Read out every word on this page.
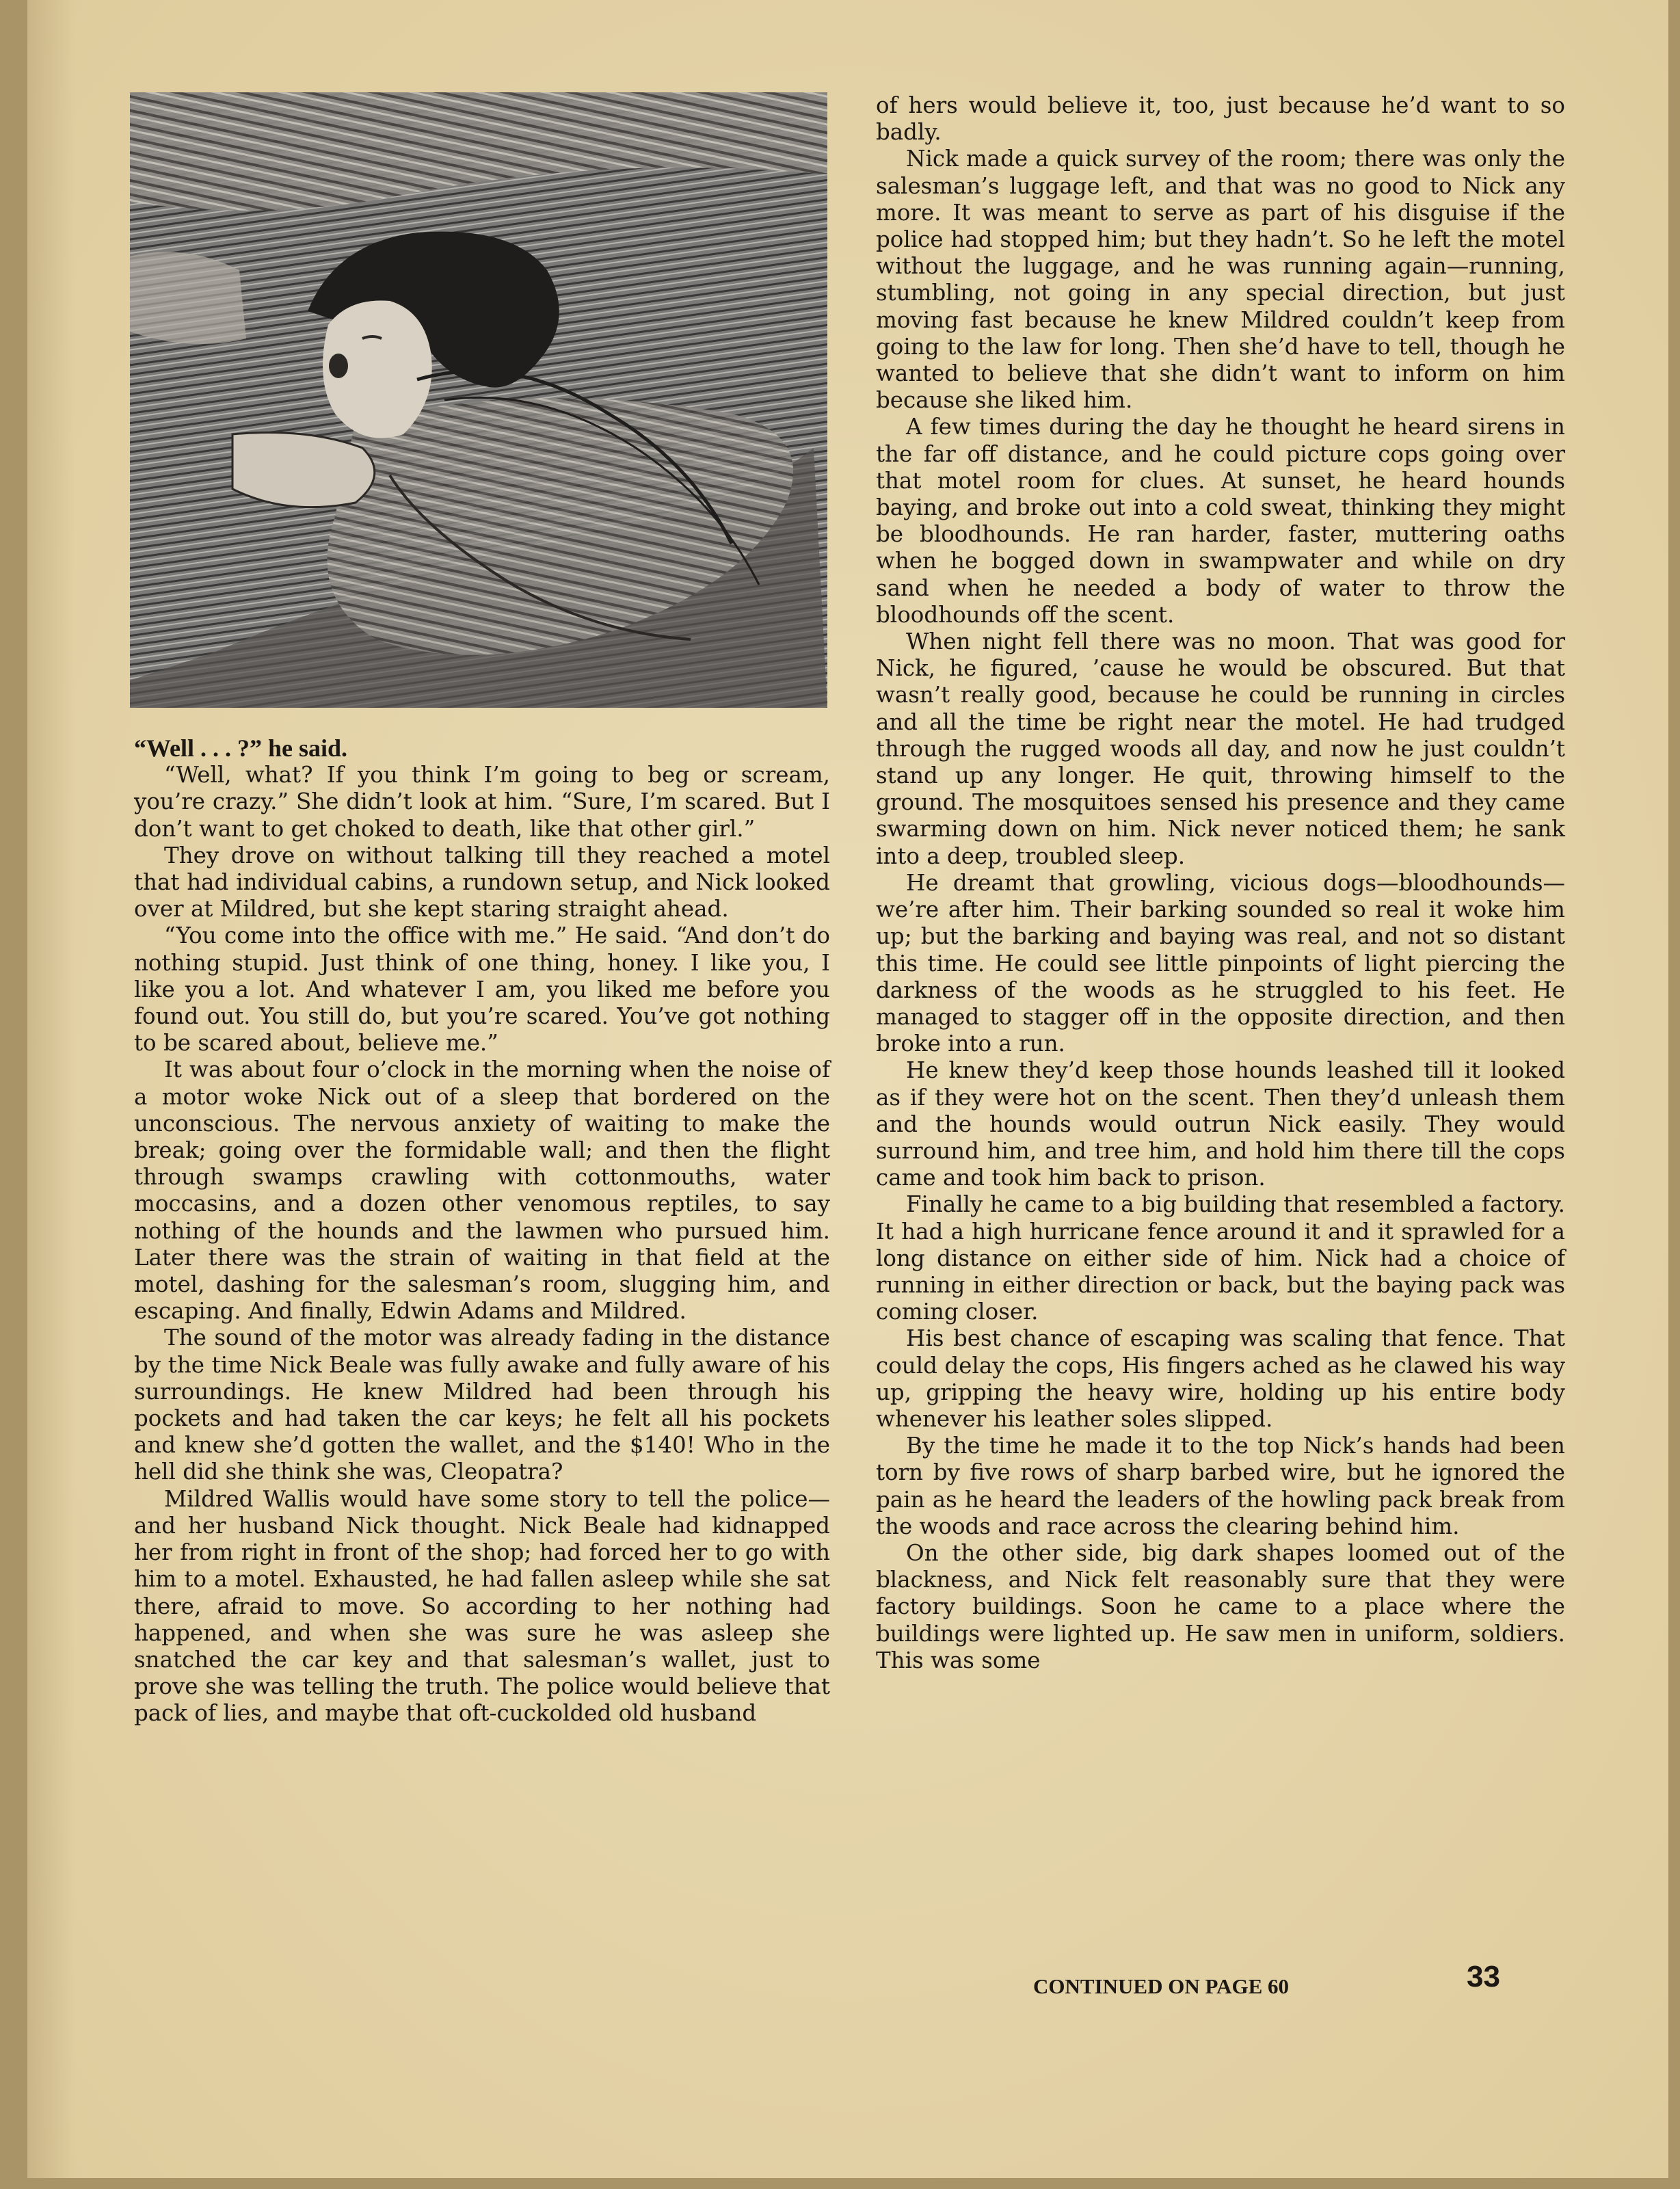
“Well . . . ?” he said.

“Well, what? If you think I’m going to beg or scream, you’re crazy.” She didn’t look at him. “Sure, I’m scared. But I don’t want to get choked to death, like that other girl.”

They drove on without talking till they reached a motel that had individual cabins, a rundown setup, and Nick looked over at Mildred, but she kept staring straight ahead.

“You come into the office with me.” He said. “And don’t do nothing stupid. Just think of one thing, honey. I like you, I like you a lot. And whatever I am, you liked me before you found out. You still do, but you’re scared. You’ve got nothing to be scared about, believe me.”

It was about four o’clock in the morning when the noise of a motor woke Nick out of a sleep that bordered on the unconscious. The nervous anxiety of waiting to make the break; going over the formidable wall; and then the flight through swamps crawling with cottonmouths, water moccasins, and a dozen other venomous reptiles, to say nothing of the hounds and the lawmen who pursued him. Later there was the strain of waiting in that field at the motel, dashing for the salesman’s room, slugging him, and escaping. And finally, Edwin Adams and Mildred.

The sound of the motor was already fading in the distance by the time Nick Beale was fully awake and fully aware of his surroundings. He knew Mildred had been through his pockets and had taken the car keys; he felt all his pockets and knew she’d gotten the wallet, and the $140! Who in the hell did she think she was, Cleopatra?

Mildred Wallis would have some story to tell the police—and her husband Nick thought. Nick Beale had kidnapped her from right in front of the shop; had forced her to go with him to a motel. Exhausted, he had fallen asleep while she sat there, afraid to move. So according to her nothing had happened, and when she was sure he was asleep she snatched the car key and that salesman’s wallet, just to prove she was telling the truth. The police would believe that pack of lies, and maybe that oft-cuckolded old husband

of hers would believe it, too, just because he’d want to so badly.

Nick made a quick survey of the room; there was only the salesman’s luggage left, and that was no good to Nick any more. It was meant to serve as part of his disguise if the police had stopped him; but they hadn’t. So he left the motel without the luggage, and he was running again—running, stumbling, not going in any special direction, but just moving fast because he knew Mildred couldn’t keep from going to the law for long. Then she’d have to tell, though he wanted to believe that she didn’t want to inform on him because she liked him.

A few times during the day he thought he heard sirens in the far off distance, and he could picture cops going over that motel room for clues. At sunset, he heard hounds baying, and broke out into a cold sweat, thinking they might be bloodhounds. He ran harder, faster, muttering oaths when he bogged down in swampwater and while on dry sand when he needed a body of water to throw the bloodhounds off the scent.

When night fell there was no moon. That was good for Nick, he figured, ’cause he would be obscured. But that wasn’t really good, because he could be running in circles and all the time be right near the motel. He had trudged through the rugged woods all day, and now he just couldn’t stand up any longer. He quit, throwing himself to the ground. The mosquitoes sensed his presence and they came swarming down on him. Nick never noticed them; he sank into a deep, troubled sleep.

He dreamt that growling, vicious dogs—bloodhounds—we’re after him. Their barking sounded so real it woke him up; but the barking and baying was real, and not so distant this time. He could see little pinpoints of light piercing the darkness of the woods as he struggled to his feet. He managed to stagger off in the opposite direction, and then broke into a run.

He knew they’d keep those hounds leashed till it looked as if they were hot on the scent. Then they’d unleash them and the hounds would outrun Nick easily. They would surround him, and tree him, and hold him there till the cops came and took him back to prison.

Finally he came to a big building that resembled a factory. It had a high hurricane fence around it and it sprawled for a long distance on either side of him. Nick had a choice of running in either direction or back, but the baying pack was coming closer.

His best chance of escaping was scaling that fence. That could delay the cops, His fingers ached as he clawed his way up, gripping the heavy wire, holding up his entire body whenever his leather soles slipped.

By the time he made it to the top Nick’s hands had been torn by five rows of sharp barbed wire, but he ignored the pain as he heard the leaders of the howling pack break from the woods and race across the clearing behind him.

On the other side, big dark shapes loomed out of the blackness, and Nick felt reasonably sure that they were factory buildings. Soon he came to a place where the buildings were lighted up. He saw men in uniform, soldiers. This was some

CONTINUED ON PAGE 60	33
